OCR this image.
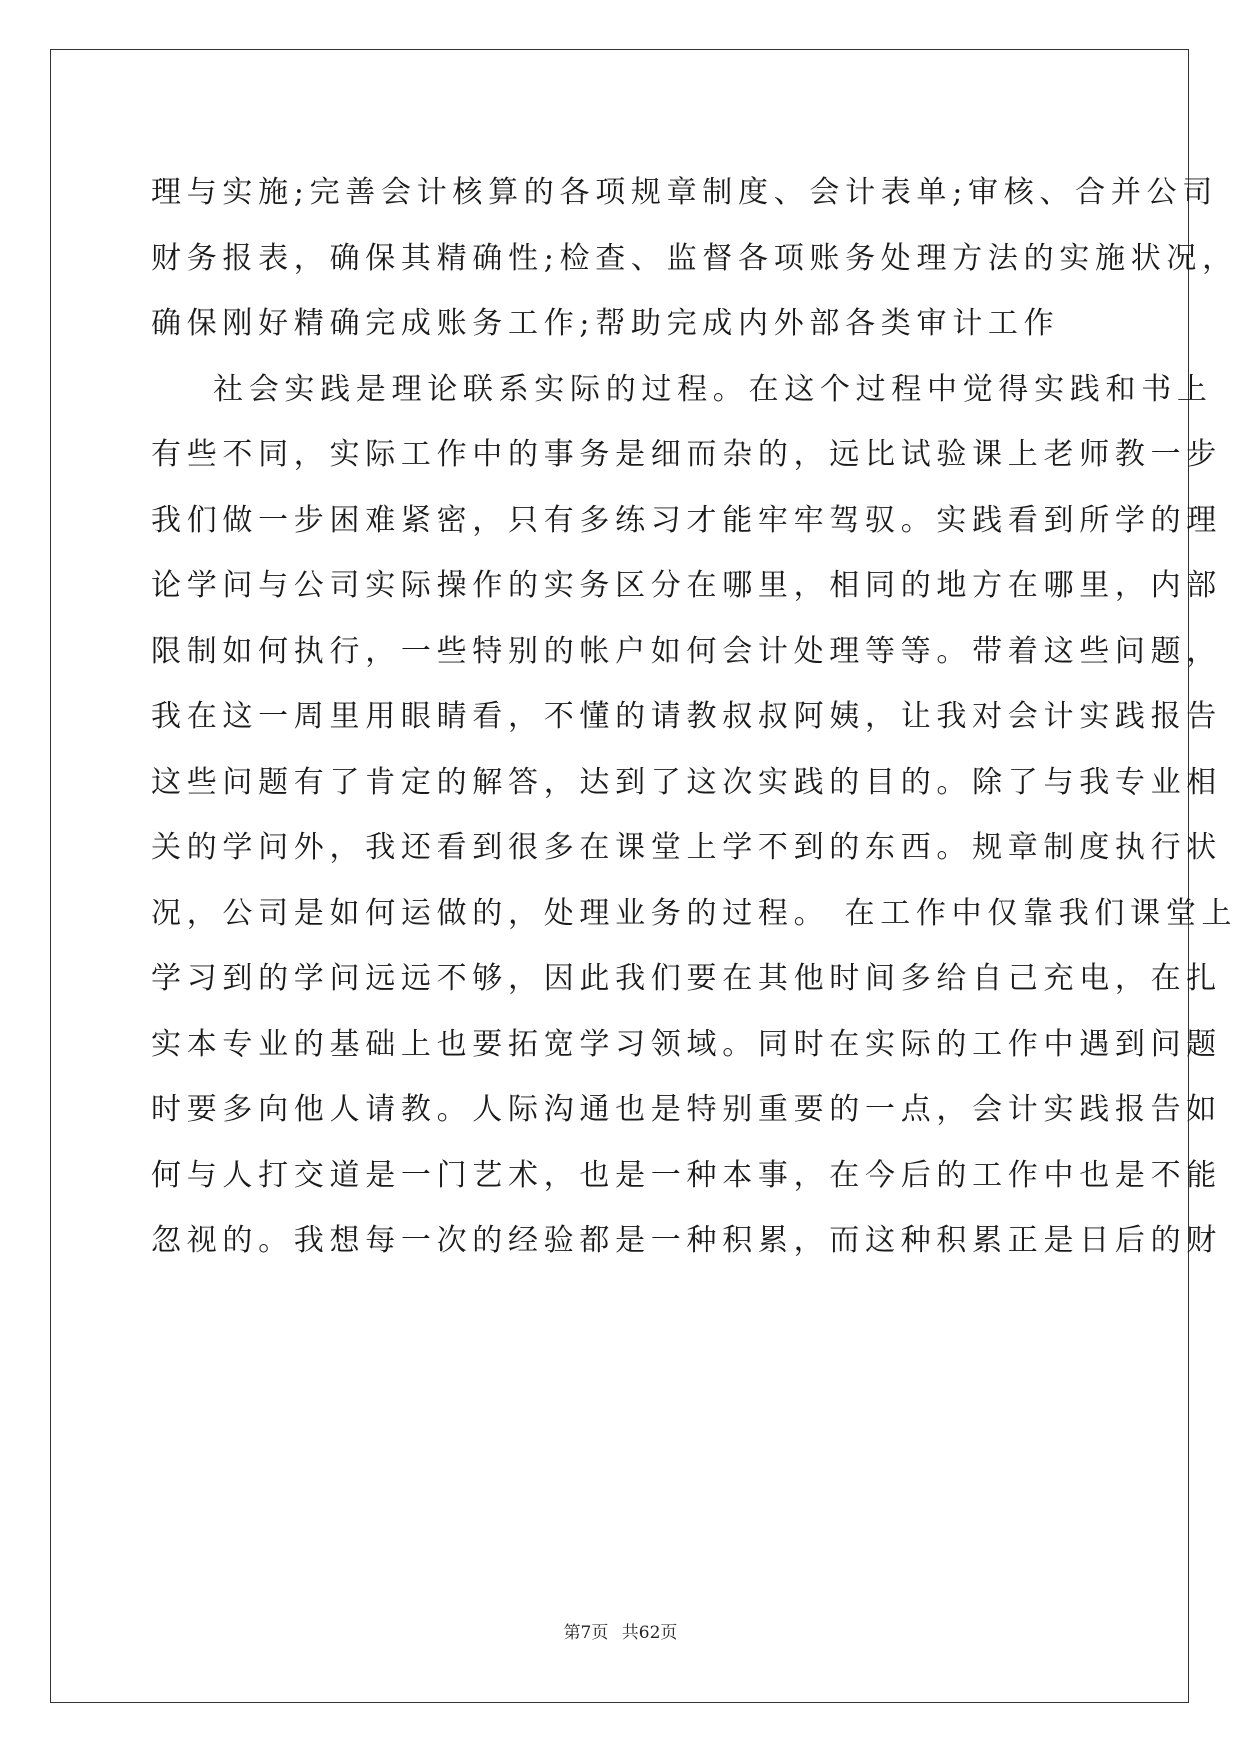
理与实施;完善会计核算的各项规章制度、会计表单;审核、合并公司
财务报表，确保其精确性;检查、监督各项账务处理方法的实施状况，
确保刚好精确完成账务工作;帮助完成内外部各类审计工作
社会实践是理论联系实际的过程。在这个过程中觉得实践和书上
有些不同，实际工作中的事务是细而杂的，远比试验课上老师教一步
我们做一步困难紧密，只有多练习才能牢牢驾驭。实践看到所学的理
论学问与公司实际操作的实务区分在哪里，相同的地方在哪里，内部
限制如何执行，一些特别的帐户如何会计处理等等。带着这些问题，
我在这一周里用眼睛看，不懂的请教叔叔阿姨，让我对会计实践报告
这些问题有了肯定的解答，达到了这次实践的目的。除了与我专业相
关的学问外，我还看到很多在课堂上学不到的东西。规章制度执行状
况，公司是如何运做的，处理业务的过程。 在工作中仅靠我们课堂上
学习到的学问远远不够，因此我们要在其他时间多给自己充电，在扎
实本专业的基础上也要拓宽学习领域。同时在实际的工作中遇到问题
时要多向他人请教。人际沟通也是特别重要的一点，会计实践报告如
何与人打交道是一门艺术，也是一种本事，在今后的工作中也是不能
忽视的。我想每一次的经验都是一种积累，而这种积累正是日后的财
第7页 共62页
